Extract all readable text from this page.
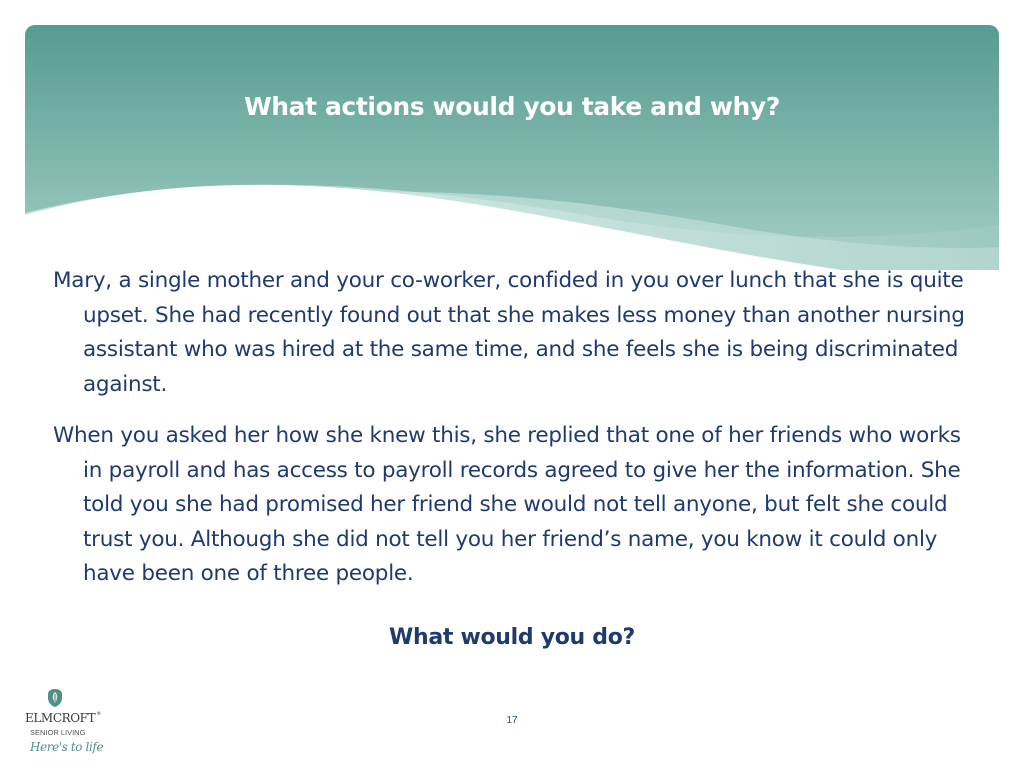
What actions would you take and why?

Mary, a single mother and your co-worker, confided in you over lunch that she is quite upset. She had recently found out that she makes less money than another nursing assistant who was hired at the same time, and she feels she is being discriminated against.

When you asked her how she knew this, she replied that one of her friends who works in payroll and has access to payroll records agreed to give her the information. She told you she had promised her friend she would not tell anyone, but felt she could trust you. Although she did not tell you her friend’s name, you know it could only have been one of three people.

What would you do?

17
ELMCROFT®
SENIOR LIVING
Here's to life
